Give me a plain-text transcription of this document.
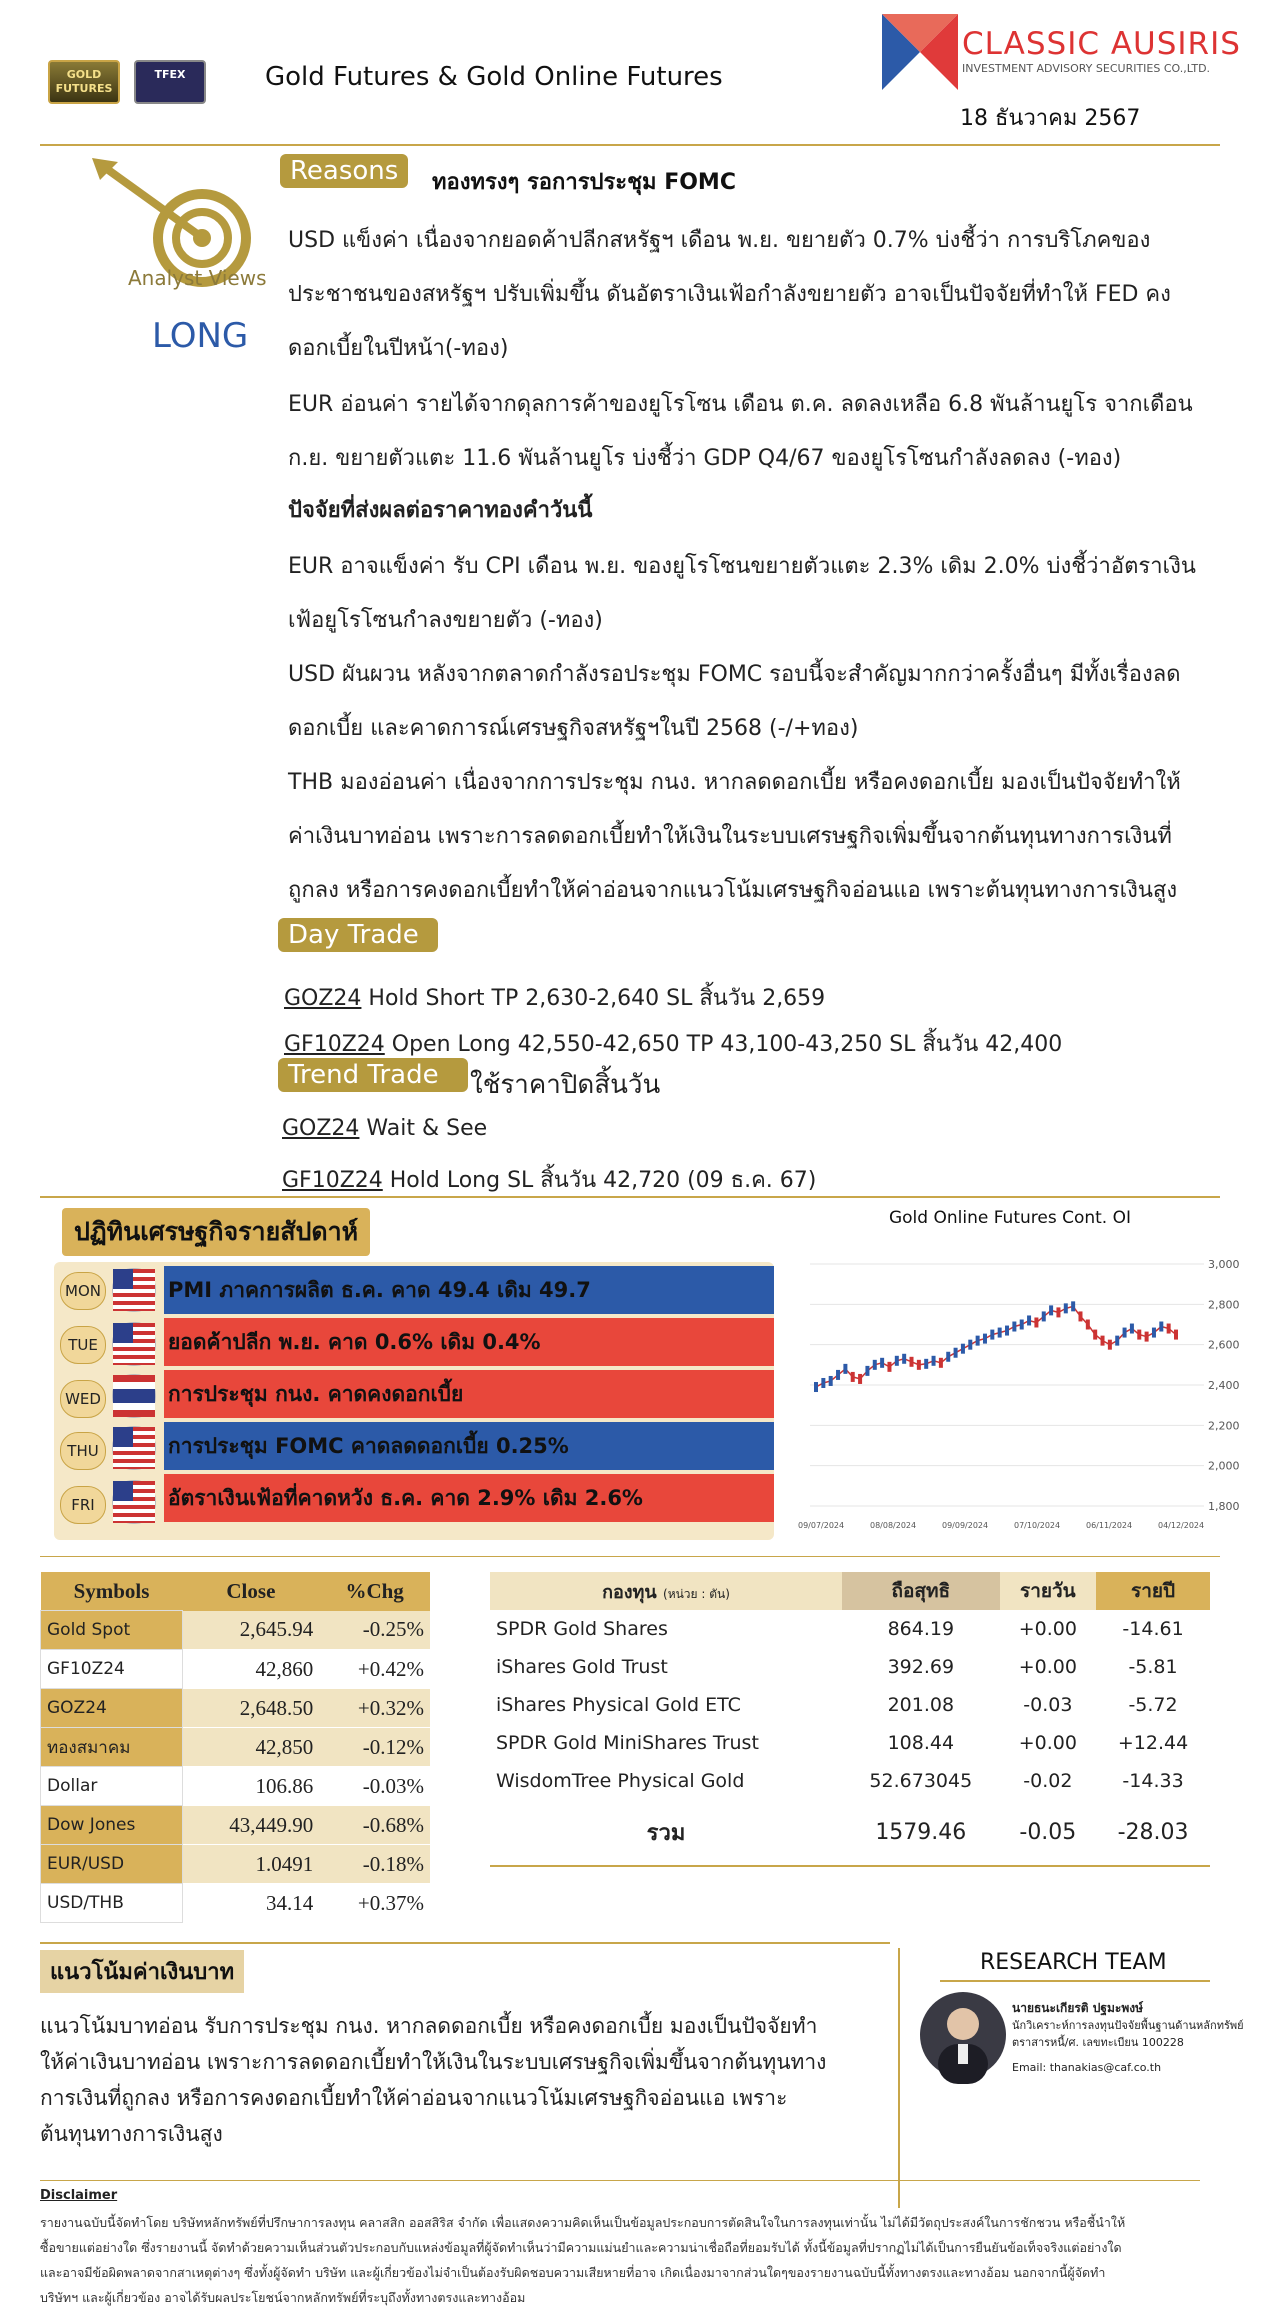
GOLD FUTURES
TFEX	Gold Futures & Gold Online Futures
CLASSIC AUSIRIS
INVESTMENT ADVISORY SECURITIES CO.,LTD.
18 ธันวาคม 2567
Analyst Views
LONG
Reasons	ทองทรงๆ รอการประชุม FOMC
USD แข็งค่า เนื่องจากยอดค้าปลีกสหรัฐฯ เดือน พ.ย. ขยายตัว 0.7% บ่งชี้ว่า การบริโภคของ
ประชาชนของสหรัฐฯ ปรับเพิ่มขึ้น ดันอัตราเงินเฟ้อกำลังขยายตัว อาจเป็นปัจจัยที่ทำให้ FED คง
ดอกเบี้ยในปีหน้า(-ทอง)
EUR อ่อนค่า รายได้จากดุลการค้าของยูโรโซน เดือน ต.ค. ลดลงเหลือ 6.8 พันล้านยูโร จากเดือน
ก.ย. ขยายตัวแตะ 11.6 พันล้านยูโร บ่งชี้ว่า GDP Q4/67 ของยูโรโซนกำลังลดลง (-ทอง)
ปัจจัยที่ส่งผลต่อราคาทองคำวันนี้
EUR อาจแข็งค่า รับ CPI เดือน พ.ย. ของยูโรโซนขยายตัวแตะ 2.3% เดิม 2.0% บ่งชี้ว่าอัตราเงิน
เฟ้อยูโรโซนกำลงขยายตัว (-ทอง)
USD ผันผวน หลังจากตลาดกำลังรอประชุม FOMC รอบนี้จะสำคัญมากกว่าครั้งอื่นๆ มีทั้งเรื่องลด
ดอกเบี้ย และคาดการณ์เศรษฐกิจสหรัฐฯในปี 2568 (-/+ทอง)
THB มองอ่อนค่า เนื่องจากการประชุม กนง. หากลดดอกเบี้ย หรือคงดอกเบี้ย มองเป็นปัจจัยทำให้
ค่าเงินบาทอ่อน เพราะการลดดอกเบี้ยทำให้เงินในระบบเศรษฐกิจเพิ่มขึ้นจากต้นทุนทางการเงินที่
ถูกลง หรือการคงดอกเบี้ยทำให้ค่าอ่อนจากแนวโน้มเศรษฐกิจอ่อนแอ เพราะต้นทุนทางการเงินสูง
Day Trade
GOZ24 Hold Short TP 2,630-2,640 SL สิ้นวัน 2,659
GF10Z24 Open Long 42,550-42,650 TP 43,100-43,250 SL สิ้นวัน 42,400
Trend Trade	ใช้ราคาปิดสิ้นวัน
GOZ24 Wait & See
GF10Z24 Hold Long SL สิ้นวัน 42,720 (09 ธ.ค. 67)
ปฏิทินเศรษฐกิจรายสัปดาห์
MON	PMI ภาคการผลิต ธ.ค. คาด 49.4 เดิม 49.7
TUE	ยอดค้าปลีก พ.ย. คาด 0.6% เดิม 0.4%
WED	การประชุม กนง. คาดคงดอกเบี้ย
THU	การประชุม FOMC คาดลดดอกเบี้ย 0.25%
FRI	อัตราเงินเฟ้อที่คาดหวัง ธ.ค. คาด 2.9% เดิม 2.6%
Gold Online Futures Cont. OI
3,000
2,800
2,600
2,400
2,200
2,000
1,800
09/07/2024	08/08/2024	09/09/2024	07/10/2024	06/11/2024	04/12/2024
Symbols	Close	%Chg
Gold Spot	2,645.94	-0.25%
GF10Z24	42,860	+0.42%
GOZ24	2,648.50	+0.32%
ทองสมาคม	42,850	-0.12%
Dollar	106.86	-0.03%
Dow Jones	43,449.90	-0.68%
EUR/USD	1.0491	-0.18%
USD/THB	34.14	+0.37%
กองทุน (หน่วย : ตัน)	ถือสุทธิ	รายวัน	รายปี
SPDR Gold Shares	864.19	+0.00	-14.61
iShares Gold Trust	392.69	+0.00	-5.81
iShares Physical Gold ETC	201.08	-0.03	-5.72
SPDR Gold MiniShares Trust	108.44	+0.00	+12.44
WisdomTree Physical Gold	52.673045	-0.02	-14.33
รวม	1579.46	-0.05	-28.03
แนวโน้มค่าเงินบาท
แนวโน้มบาทอ่อน รับการประชุม กนง. หากลดดอกเบี้ย หรือคงดอกเบี้ย มองเป็นปัจจัยทำ
ให้ค่าเงินบาทอ่อน เพราะการลดดอกเบี้ยทำให้เงินในระบบเศรษฐกิจเพิ่มขึ้นจากต้นทุนทาง
การเงินที่ถูกลง หรือการคงดอกเบี้ยทำให้ค่าอ่อนจากแนวโน้มเศรษฐกิจอ่อนแอ เพราะ
ต้นทุนทางการเงินสูง
RESEARCH TEAM
นายธนะเกียรติ ปฐมะพงษ์
นักวิเคราะห์การลงทุนปัจจัยพื้นฐานด้านหลักทรัพย์
ตราสารหนี้/ศ. เลขทะเบียน 100228
Email: thanakias@caf.co.th
Disclaimer
รายงานฉบับนี้จัดทำโดย บริษัทหลักทรัพย์ที่ปรึกษาการลงทุน คลาสสิก ออสสิริส จำกัด เพื่อแสดงความคิดเห็นเป็นข้อมูลประกอบการตัดสินใจในการลงทุนเท่านั้น ไม่ได้มีวัตถุประสงค์ในการชักชวน หรือชี้นำให้
ซื้อขายแต่อย่างใด ซึ่งรายงานนี้ จัดทำด้วยความเห็นส่วนตัวประกอบกับแหล่งข้อมูลที่ผู้จัดทำเห็นว่ามีความแม่นยำและความน่าเชื่อถือที่ยอมรับได้ ทั้งนี้ข้อมูลที่ปรากฏไม่ได้เป็นการยืนยันข้อเท็จจริงแต่อย่างใด
และอาจมีข้อผิดพลาดจากสาเหตุต่างๆ ซึ่งทั้งผู้จัดทำ บริษัท และผู้เกี่ยวข้องไม่จำเป็นต้องรับผิดชอบความเสียหายที่อาจ เกิดเนื่องมาจากส่วนใดๆของรายงานฉบับนี้ทั้งทางตรงและทางอ้อม นอกจากนี้ผู้จัดทำ
บริษัทฯ และผู้เกี่ยวข้อง อาจได้รับผลประโยชน์จากหลักทรัพย์ที่ระบุถึงทั้งทางตรงและทางอ้อม
